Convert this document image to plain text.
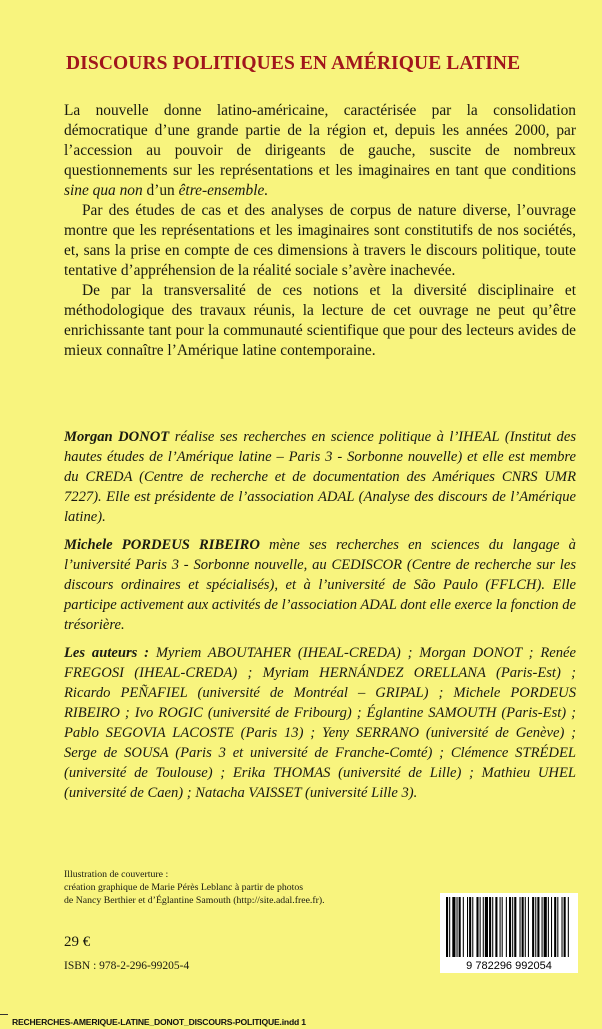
DISCOURS POLITIQUES EN AMÉRIQUE LATINE

La nouvelle donne latino-américaine, caractérisée par la consolidation démocratique d’une grande partie de la région et, depuis les années 2000, par l’accession au pouvoir de dirigeants de gauche, suscite de nombreux questionnements sur les représentations et les imaginaires en tant que conditions sine qua non d’un être-ensemble.

Par des études de cas et des analyses de corpus de nature diverse, l’ouvrage montre que les représentations et les imaginaires sont constitutifs de nos sociétés, et, sans la prise en compte de ces dimensions à travers le discours politique, toute tentative d’appréhension de la réalité sociale s’avère inachevée.

De par la transversalité de ces notions et la diversité disciplinaire et méthodologique des travaux réunis, la lecture de cet ouvrage ne peut qu’être enrichissante tant pour la communauté scientifique que pour des lecteurs avides de mieux connaître l’Amérique latine contemporaine.

Morgan DONOT réalise ses recherches en science politique à l’IHEAL (Institut des hautes études de l’Amérique latine – Paris 3 - Sorbonne nouvelle) et elle est membre du CREDA (Centre de recherche et de documentation des Amériques CNRS UMR 7227). Elle est présidente de l’association ADAL (Analyse des discours de l’Amérique latine).

Michele PORDEUS RIBEIRO mène ses recherches en sciences du langage à l’université Paris 3 - Sorbonne nouvelle, au CEDISCOR (Centre de recherche sur les discours ordinaires et spécialisés), et à l’université de São Paulo (FFLCH). Elle participe activement aux activités de l’association ADAL dont elle exerce la fonction de trésorière.

Les auteurs : Myriem ABOUTAHER (IHEAL-CREDA) ; Morgan DONOT ; Renée FREGOSI (IHEAL-CREDA) ; Myriam HERNÁNDEZ ORELLANA (Paris-Est) ; Ricardo PEÑAFIEL (université de Montréal – GRIPAL) ; Michele PORDEUS RIBEIRO ; Ivo ROGIC (université de Fribourg) ; Églantine SAMOUTH (Paris-Est) ; Pablo SEGOVIA LACOSTE (Paris 13) ; Yeny SERRANO (université de Genève) ; Serge de SOUSA (Paris 3 et université de Franche-Comté) ; Clémence STRÉDEL (université de Toulouse) ; Erika THOMAS (université de Lille) ; Mathieu UHEL (université de Caen) ; Natacha VAISSET (université Lille 3).

Illustration de couverture :
création graphique de Marie Pérès Leblanc à partir de photos
de Nancy Berthier et d’Églantine Samouth (http://site.adal.free.fr).
29 €
ISBN : 978-2-296-99205-4	9 782296 992054
RECHERCHES-AMERIQUE-LATINE_DONOT_DISCOURS-POLITIQUE.indd 1
